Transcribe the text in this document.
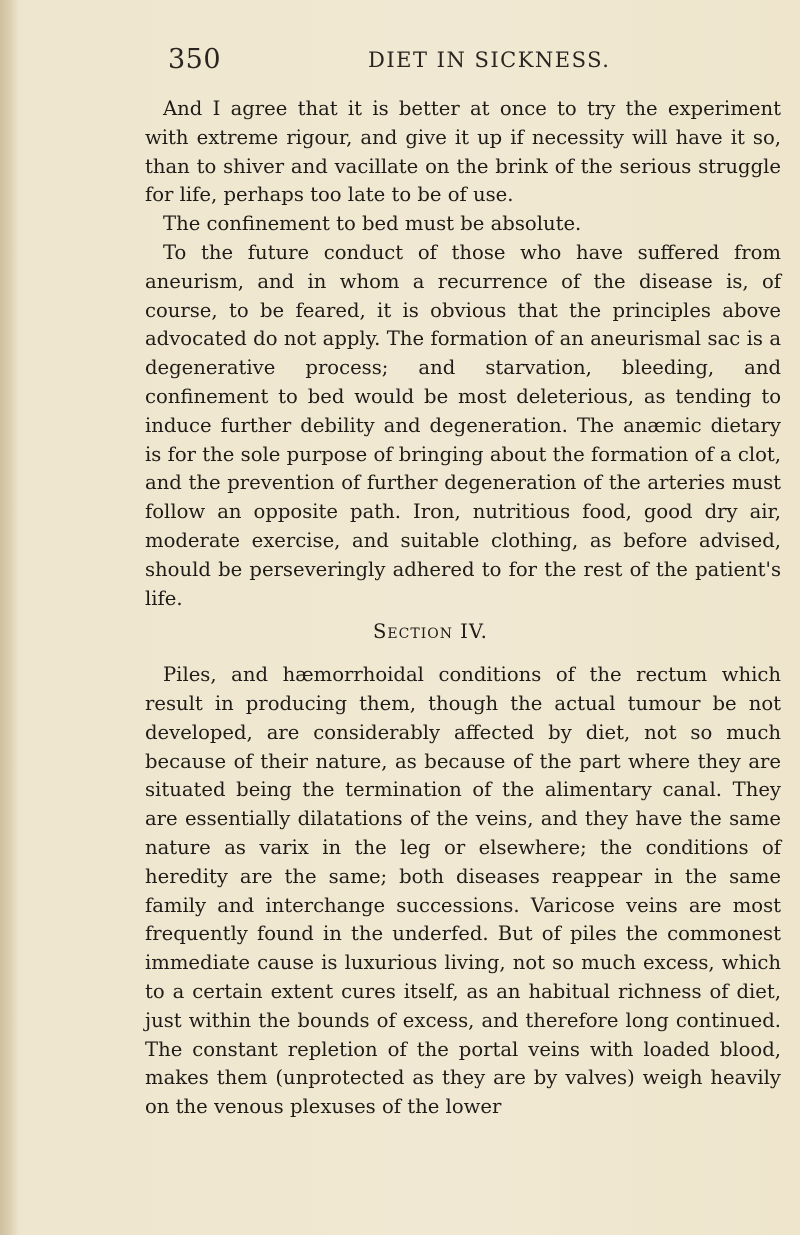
350	DIET IN SICKNESS.

And I agree that it is better at once to try the experiment with extreme rigour, and give it up if necessity will have it so, than to shiver and vacillate on the brink of the serious struggle for life, perhaps too late to be of use.

The confinement to bed must be absolute.

To the future conduct of those who have suffered from aneurism, and in whom a recurrence of the disease is, of course, to be feared, it is obvious that the principles above advocated do not apply. The formation of an aneurismal sac is a degenerative process; and starvation, bleeding, and confinement to bed would be most deleterious, as tending to induce further debility and degeneration. The anæmic dietary is for the sole purpose of bringing about the formation of a clot, and the prevention of further degeneration of the arteries must follow an opposite path. Iron, nutritious food, good dry air, moderate exercise, and suitable clothing, as before advised, should be perseveringly adhered to for the rest of the patient's life.

Section IV.

Piles, and hæmorrhoidal conditions of the rectum which result in producing them, though the actual tumour be not developed, are considerably affected by diet, not so much because of their nature, as because of the part where they are situated being the termination of the alimentary canal. They are essentially dilatations of the veins, and they have the same nature as varix in the leg or elsewhere; the conditions of heredity are the same; both diseases reappear in the same family and interchange successions. Varicose veins are most frequently found in the underfed. But of piles the commonest immediate cause is luxurious living, not so much excess, which to a certain extent cures itself, as an habitual richness of diet, just within the bounds of excess, and therefore long continued. The constant repletion of the portal veins with loaded blood, makes them (unprotected as they are by valves) weigh heavily on the venous plexuses of the lower
